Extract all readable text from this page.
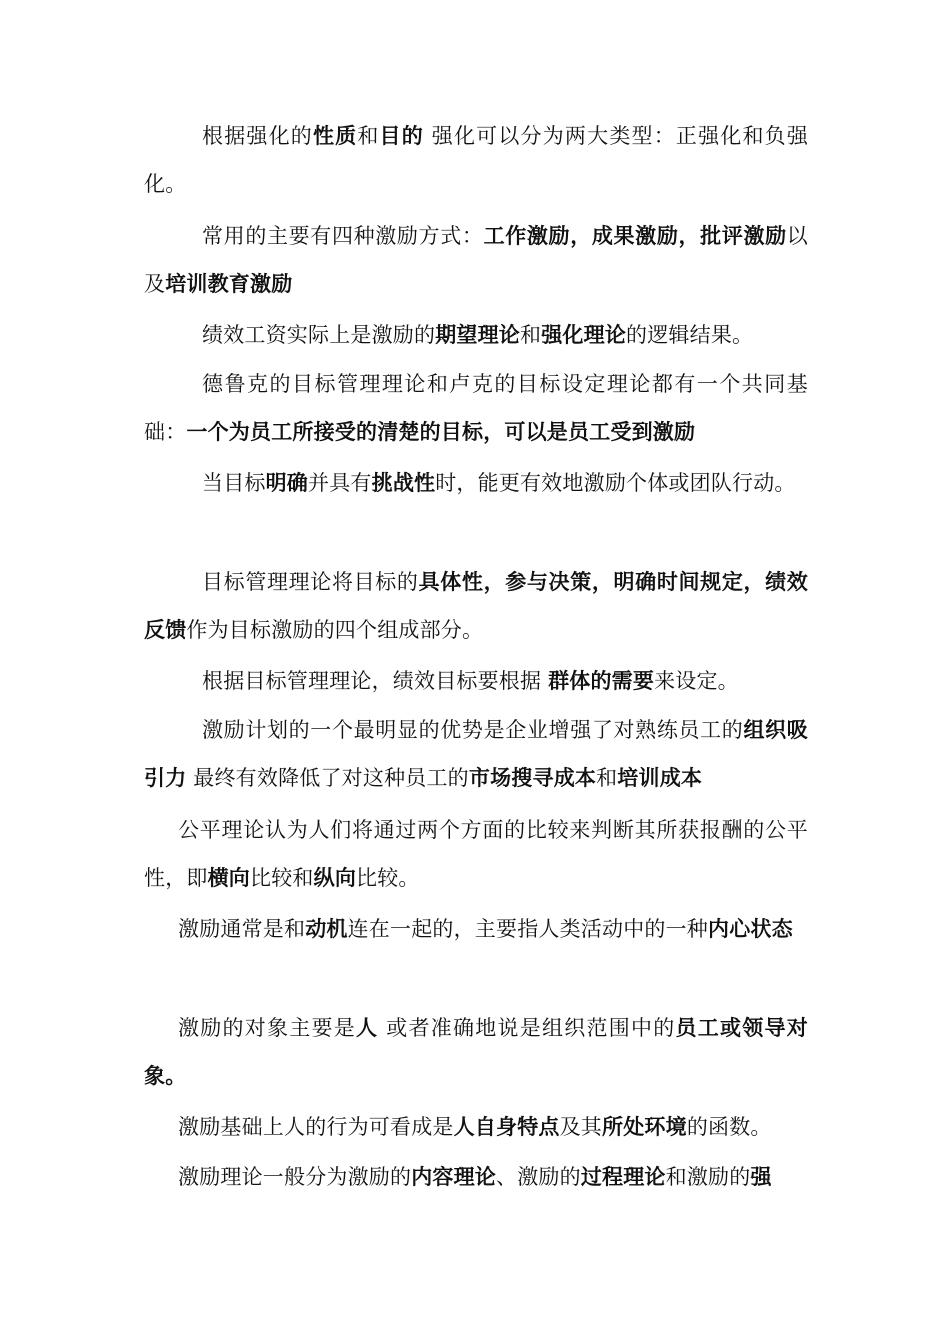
根据强化的性质和目的 强化可以分为两大类型：正强化和负强化。

常用的主要有四种激励方式：工作激励，成果激励，批评激励以及培训教育激励

绩效工资实际上是激励的期望理论和强化理论的逻辑结果。

德鲁克的目标管理理论和卢克的目标设定理论都有一个共同基础：一个为员工所接受的清楚的目标，可以是员工受到激励

当目标明确并具有挑战性时，能更有效地激励个体或团队行动。

目标管理理论将目标的具体性，参与决策，明确时间规定，绩效反馈作为目标激励的四个组成部分。

根据目标管理理论，绩效目标要根据 群体的需要来设定。

激励计划的一个最明显的优势是企业增强了对熟练员工的组织吸引力 最终有效降低了对这种员工的市场搜寻成本和培训成本

公平理论认为人们将通过两个方面的比较来判断其所获报酬的公平性，即横向比较和纵向比较。

激励通常是和动机连在一起的，主要指人类活动中的一种内心状态

激励的对象主要是人 或者准确地说是组织范围中的员工或领导对象。

激励基础上人的行为可看成是人自身特点及其所处环境的函数。

激励理论一般分为激励的内容理论、激励的过程理论和激励的强
